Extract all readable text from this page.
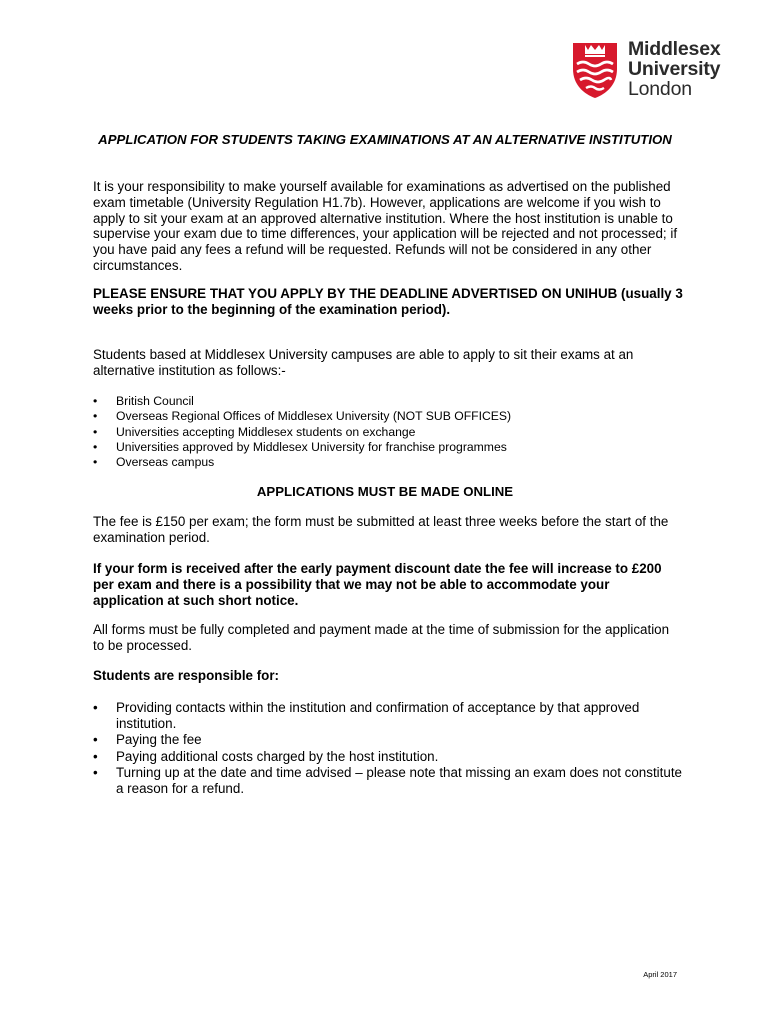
Middlesex
University
London
APPLICATION FOR STUDENTS TAKING EXAMINATIONS AT AN ALTERNATIVE INSTITUTION
It is your responsibility to make yourself available for examinations as advertised on the published exam timetable (University Regulation H1.7b). However, applications are welcome if you wish to apply to sit your exam at an approved alternative institution. Where the host institution is unable to supervise your exam due to time differences, your application will be rejected and not processed; if you have paid any fees a refund will be requested. Refunds will not be considered in any other circumstances.
PLEASE ENSURE THAT YOU APPLY BY THE DEADLINE ADVERTISED ON UNIHUB (usually 3 weeks prior to the beginning of the examination period).
Students based at Middlesex University campuses are able to apply to sit their exams at an alternative institution as follows:-
• British Council
• Overseas Regional Offices of Middlesex University (NOT SUB OFFICES)
• Universities accepting Middlesex students on exchange
• Universities approved by Middlesex University for franchise programmes
• Overseas campus
APPLICATIONS MUST BE MADE ONLINE
The fee is £150 per exam; the form must be submitted at least three weeks before the start of the examination period.
If your form is received after the early payment discount date the fee will increase to £200 per exam and there is a possibility that we may not be able to accommodate your application at such short notice.
All forms must be fully completed and payment made at the time of submission for the application to be processed.
Students are responsible for:
• Providing contacts within the institution and confirmation of acceptance by that approved institution.
• Paying the fee
• Paying additional costs charged by the host institution.
• Turning up at the date and time advised – please note that missing an exam does not constitute a reason for a refund.
April 2017
